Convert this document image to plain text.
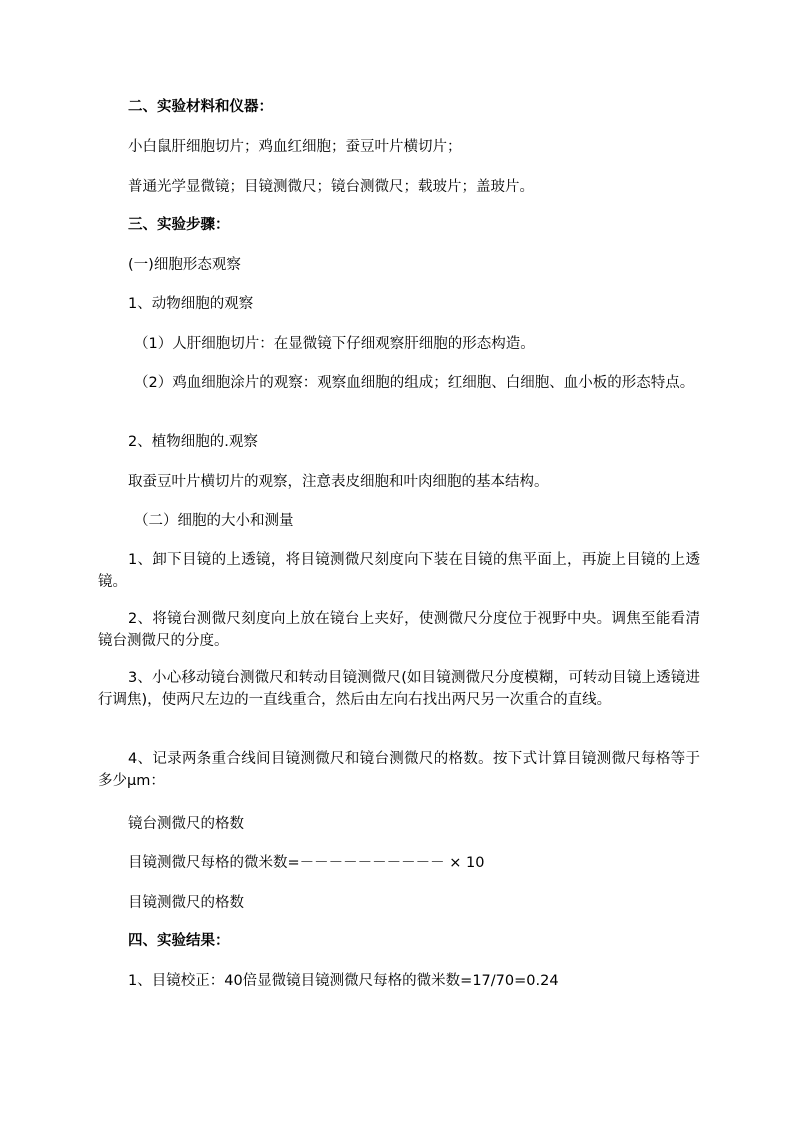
二、实验材料和仪器：

小白鼠肝细胞切片；鸡血红细胞；蚕豆叶片横切片；

普通光学显微镜；目镜测微尺；镜台测微尺；载玻片；盖玻片。

三、实验步骤：

(一)细胞形态观察

1、动物细胞的观察

（1）人肝细胞切片：在显微镜下仔细观察肝细胞的形态构造。

（2）鸡血细胞涂片的观察：观察血细胞的组成；红细胞、白细胞、血小板的形态特点。

2、植物细胞的.观察

取蚕豆叶片横切片的观察，注意表皮细胞和叶肉细胞的基本结构。

（二）细胞的大小和测量

1、卸下目镜的上透镜，将目镜测微尺刻度向下装在目镜的焦平面上，再旋上目镜的上透镜。

2、将镜台测微尺刻度向上放在镜台上夹好，使测微尺分度位于视野中央。调焦至能看清镜台测微尺的分度。

3、小心移动镜台测微尺和转动目镜测微尺(如目镜测微尺分度模糊，可转动目镜上透镜进行调焦)，使两尺左边的一直线重合，然后由左向右找出两尺另一次重合的直线。

4、记录两条重合线间目镜测微尺和镜台测微尺的格数。按下式计算目镜测微尺每格等于多少μm：

镜台测微尺的格数

目镜测微尺每格的微米数=－－－－－－－－－－ × 10

目镜测微尺的格数

四、实验结果：

1、目镜校正：40倍显微镜目镜测微尺每格的微米数=17/70=0.24
